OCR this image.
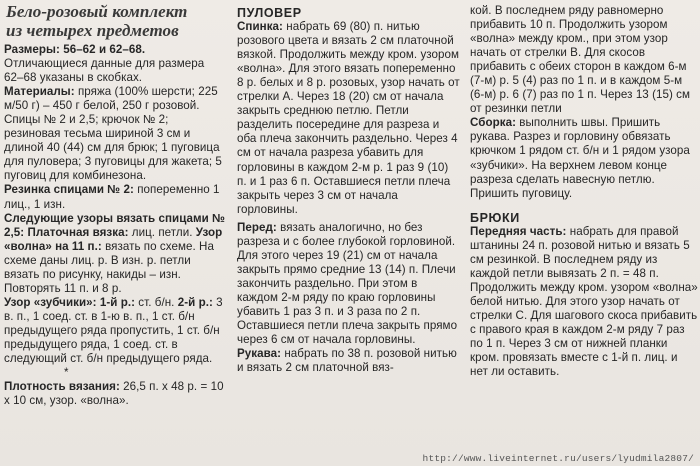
Бело-розовый комплект
из четырех предметов

Размеры: 56–62 и 62–68.

Отличающиеся данные для размера 62–68 указаны в скобках.

Материалы: пряжа (100% шерсти; 225 м/50 г) – 450 г белой, 250 г розовой. Спицы № 2 и 2,5; крючок № 2; резиновая тесьма шириной 3 см и длиной 40 (44) см для брюк; 1 пуговица для пуловера; 3 пуговицы для жакета; 5 пуговиц для комбинезона.

Резинка спицами № 2: попеременно 1 лиц., 1 изн.

Следующие узоры вязать спицами № 2,5: Платочная вязка: лиц. петли. Узор «волна» на 11 п.: вязать по схеме. На схеме даны лиц. р. В изн. р. петли вязать по рисунку, накиды – изн. Повторять 11 п. и 8 р.

Узор «зубчики»: 1-й р.: ст. б/н. 2-й р.: 3 в. п., 1 соед. ст. в 1-ю в. п., 1 ст. б/н предыдущего ряда пропустить, 1 ст. б/н предыдущего ряда, 1 соед. ст. в следующий ст. б/н предыдущего ряда.

*

Плотность вязания: 26,5 п. x 48 р. = 10 x 10 см, узор. «волна».

ПУЛОВЕР

Спинка: набрать 69 (80) п. нитью розового цвета и вязать 2 см платочной вязкой. Продолжить между кром. узором «волна». Для этого вязать попеременно 8 р. белых и 8 р. розовых, узор начать от стрелки А. Через 18 (20) см от начала закрыть среднюю петлю. Петли разделить посередине для разреза и оба плеча закончить раздельно. Через 4 см от начала разреза убавить для горловины в каждом 2-м р. 1 раз 9 (10) п. и 1 раз 6 п. Оставшиеся петли плеча закрыть через 3 см от начала горловины.

Перед: вязать аналогично, но без разреза и с более глубокой горловиной. Для этого через 19 (21) см от начала закрыть прямо средние 13 (14) п. Плечи закончить раздельно. При этом в каждом 2-м ряду по краю горловины убавить 1 раз 3 п. и 3 раза по 2 п. Оставшиеся петли плеча закрыть прямо через 6 см от начала горловины.

Рукава: набрать по 38 п. розовой нитью и вязать 2 см платочной вяз-

кой. В последнем ряду равномерно прибавить 10 п. Продолжить узором «волна» между кром., при этом узор начать от стрелки В. Для скосов прибавить с обеих сторон в каждом 6-м (7-м) р. 5 (4) раз по 1 п. и в каждом 5-м (6-м) р. 6 (7) раз по 1 п. Через 13 (15) см от резинки петли

Сборка: выполнить швы. Пришить рукава. Разрез и горловину обвязать крючком 1 рядом ст. б/н и 1 рядом узора «зубчики». На верхнем левом конце разреза сделать навесную петлю. Пришить пуговицу.

БРЮКИ

Передняя часть: набрать для правой штанины 24 п. розовой нитью и вязать 5 см резинкой. В последнем ряду из каждой петли вывязать 2 п. = 48 п. Продолжить между кром. узором «волна» белой нитью. Для этого узор начать от стрелки С. Для шагового скоса прибавить с правого края в каждом 2-м ряду 7 раз по 1 п. Через 3 см от нижней планки кром. провязать вместе с 1-й п. лиц. и нет ли оставить.

http://www.liveinternet.ru/users/lyudmila2807/
